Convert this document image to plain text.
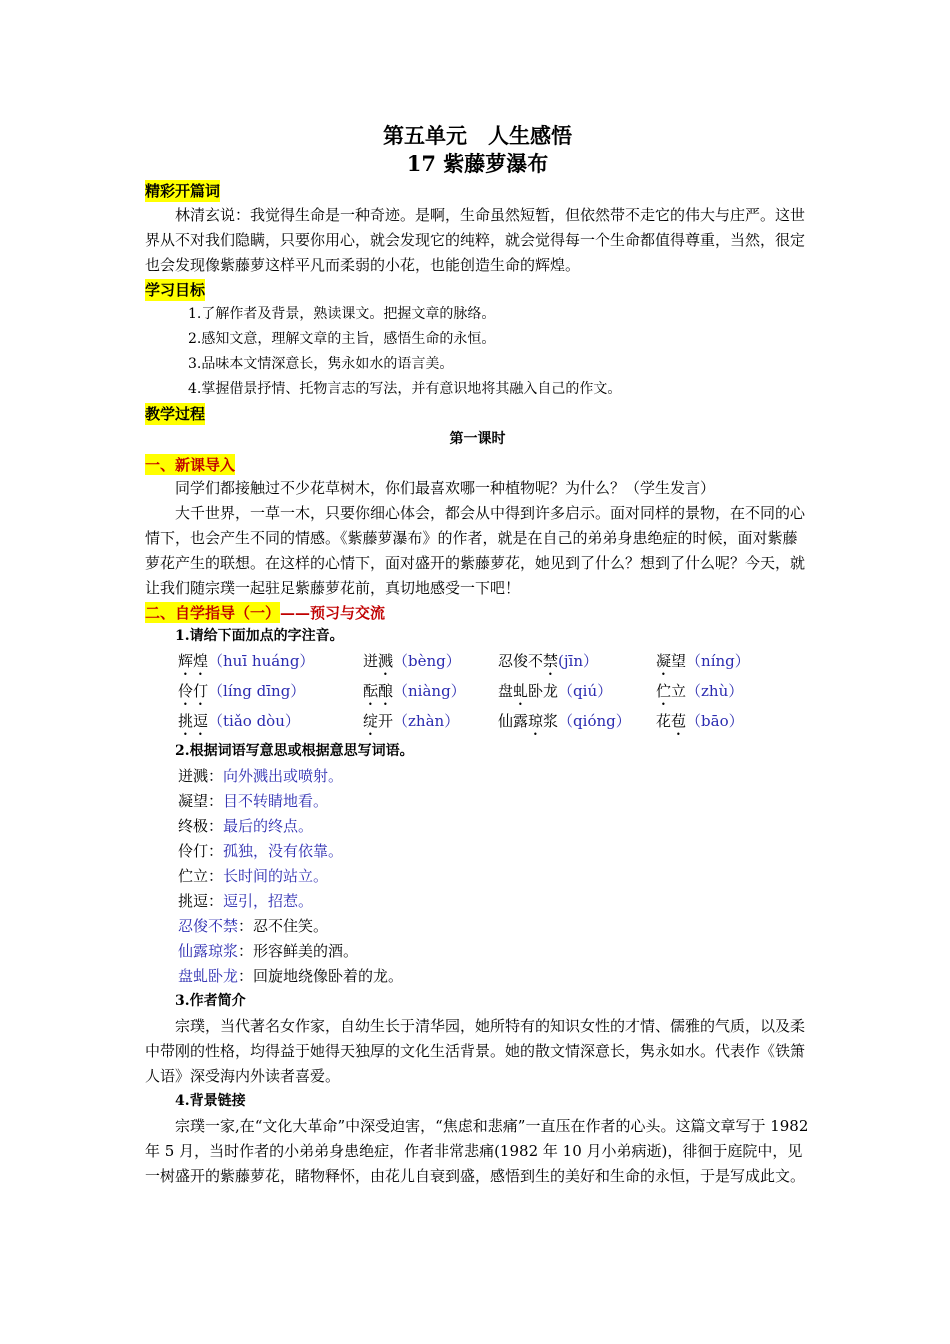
第五单元　人生感悟
17 紫藤萝瀑布
精彩开篇词

林清玄说：我觉得生命是一种奇迹。是啊，生命虽然短暂，但依然带不走它的伟大与庄严。这世界从不对我们隐瞒，只要你用心，就会发现它的纯粹，就会觉得每一个生命都值得尊重，当然，很定也会发现像紫藤萝这样平凡而柔弱的小花，也能创造生命的辉煌。

学习目标
1.了解作者及背景，熟读课文。把握文章的脉络。
2.感知文意，理解文章的主旨，感悟生命的永恒。
3.品味本文情深意长，隽永如水的语言美。
4.掌握借景抒情、托物言志的写法，并有意识地将其融入自己的作文。
教学过程
第一课时
一、新课导入

同学们都接触过不少花草树木，你们最喜欢哪一种植物呢？为什么？（学生发言）

大千世界，一草一木，只要你细心体会，都会从中得到许多启示。面对同样的景物，在不同的心情下，也会产生不同的情感。《紫藤萝瀑布》的作者，就是在自己的弟弟身患绝症的时候，面对紫藤萝花产生的联想。在这样的心情下，面对盛开的紫藤萝花，她见到了什么？想到了什么呢？今天，就让我们随宗璞一起驻足紫藤萝花前，真切地感受一下吧！

二、自学指导（一）——预习与交流
1.请给下面加点的字注音。
辉煌（huī huáng）	迸溅（bèng）	忍俊不禁(jīn）	凝望（níng）
伶仃（líng dīng）	酝酿（niàng）	盘虬卧龙（qiú）	伫立（zhù）
挑逗（tiǎo dòu）	绽开（zhàn）	仙露琼浆（qióng）	花苞（bāo）
2.根据词语写意思或根据意思写词语。
迸溅：向外溅出或喷射。
凝望：目不转睛地看。
终极：最后的终点。
伶仃：孤独，没有依靠。
伫立：长时间的站立。
挑逗：逗引，招惹。
忍俊不禁：忍不住笑。
仙露琼浆：形容鲜美的酒。
盘虬卧龙：回旋地绕像卧着的龙。
3.作者简介

宗璞，当代著名女作家，自幼生长于清华园，她所特有的知识女性的才情、儒雅的气质，以及柔中带刚的性格，均得益于她得天独厚的文化生活背景。她的散文情深意长，隽永如水。代表作《铁箫人语》深受海内外读者喜爱。

4.背景链接

宗璞一家,在“文化大革命”中深受迫害，“焦虑和悲痛”一直压在作者的心头。这篇文章写于 1982 年 5 月，当时作者的小弟弟身患绝症，作者非常悲痛(1982 年 10 月小弟病逝)，徘徊于庭院中，见一树盛开的紫藤萝花，睹物释怀，由花儿自衰到盛，感悟到生的美好和生命的永恒，于是写成此文。
